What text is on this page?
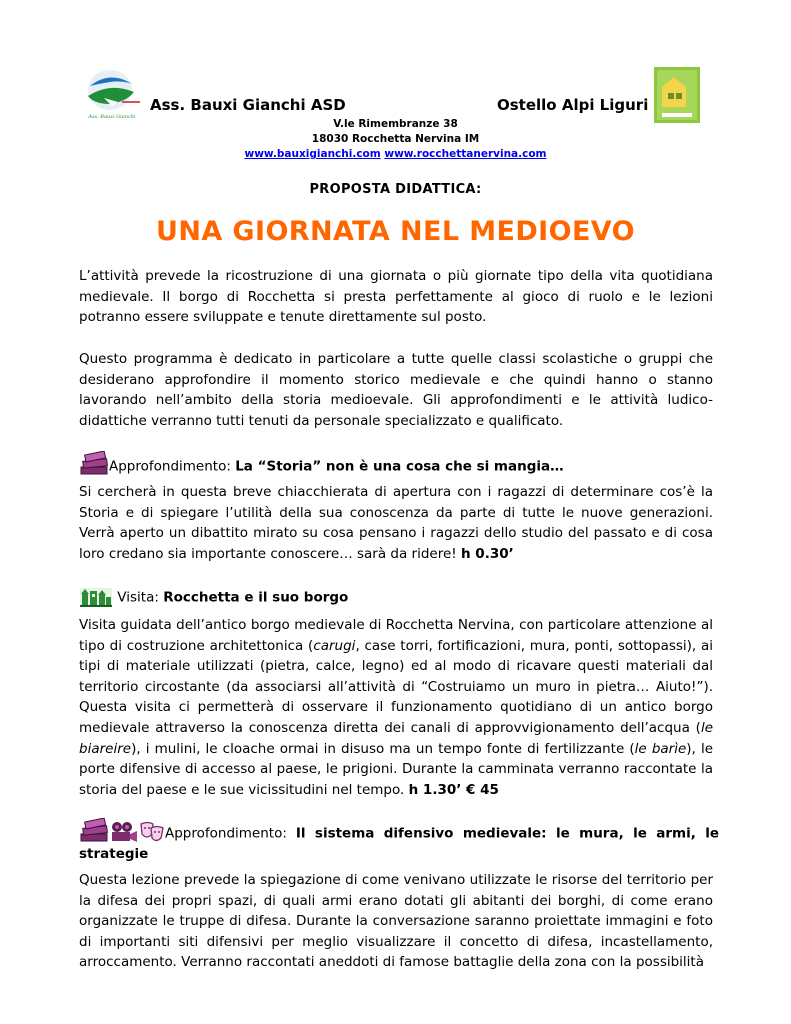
Ass. Bauxi Gianchi
Ass. Bauxi Gianchi ASD	Ostello Alpi Liguri
V.le Rimembranze 38
18030 Rocchetta Nervina IM
www.bauxigianchi.com www.rocchettanervina.com
PROPOSTA DIDATTICA:
UNA GIORNATA NEL MEDIOEVO
L’attività prevede la ricostruzione di una giornata o più giornate tipo della vita quotidiana medievale. Il borgo di Rocchetta si presta perfettamente al gioco di ruolo e le lezioni potranno essere sviluppate e tenute direttamente sul posto.
Questo programma è dedicato in particolare a tutte quelle classi scolastiche o gruppi che desiderano approfondire il momento storico medievale e che quindi hanno o stanno lavorando nell’ambito della storia medioevale. Gli approfondimenti e le attività ludico-didattiche verranno tutti tenuti da personale specializzato e qualificato.
Approfondimento: La “Storia” non è una cosa che si mangia…
Si cercherà in questa breve chiacchierata di apertura con i ragazzi di determinare cos’è la Storia e di spiegare l’utilità della sua conoscenza da parte di tutte le nuove generazioni. Verrà aperto un dibattito mirato su cosa pensano i ragazzi dello studio del passato e di cosa loro credano sia importante conoscere… sarà da ridere! h 0.30’
Visita: Rocchetta e il suo borgo
Visita guidata dell’antico borgo medievale di Rocchetta Nervina, con particolare attenzione al tipo di costruzione architettonica (carugi, case torri, fortificazioni, mura, ponti, sottopassi), ai tipi di materiale utilizzati (pietra, calce, legno) ed al modo di ricavare questi materiali dal territorio circostante (da associarsi all’attività di “Costruiamo un muro in pietra… Aiuto!”). Questa visita ci permetterà di osservare il funzionamento quotidiano di un antico borgo medievale attraverso la conoscenza diretta dei canali di approvvigionamento dell’acqua (le biareire), i mulini, le cloache ormai in disuso ma un tempo fonte di fertilizzante (le barìe), le porte difensive di accesso al paese, le prigioni. Durante la camminata verranno raccontate la storia del paese e le sue vicissitudini nel tempo. h 1.30’ € 45
Approfondimento: Il sistema difensivo medievale: le mura, le armi, le strategie
Questa lezione prevede la spiegazione di come venivano utilizzate le risorse del territorio per la difesa dei propri spazi, di quali armi erano dotati gli abitanti dei borghi, di come erano organizzate le truppe di difesa. Durante la conversazione saranno proiettate immagini e foto di importanti siti difensivi per meglio visualizzare il concetto di difesa, incastellamento, arroccamento. Verranno raccontati aneddoti di famose battaglie della zona con la possibilità
